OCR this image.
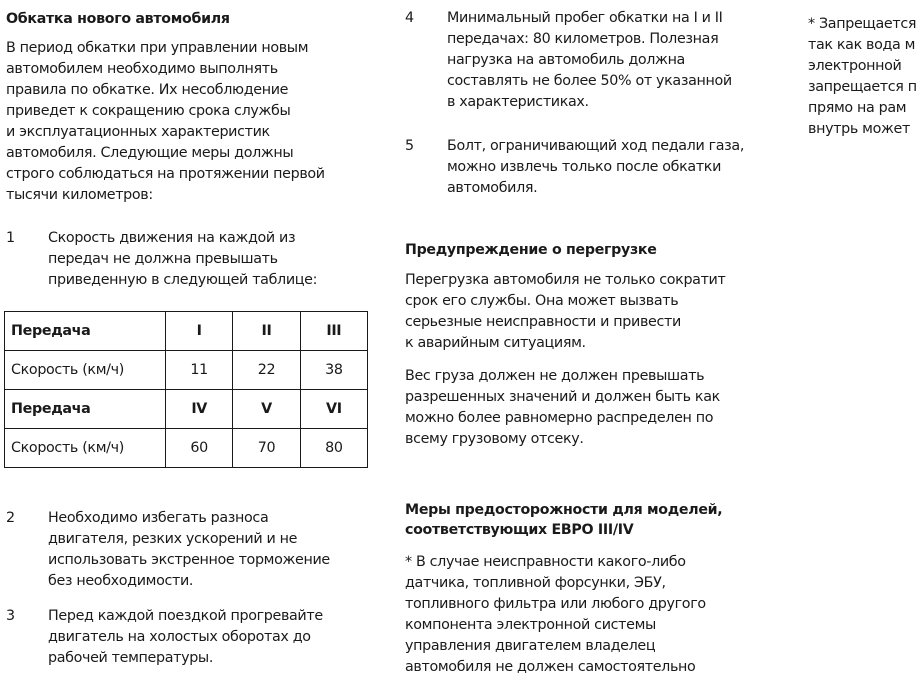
Обкатка нового автомобиля

В период обкатки при управлении новым

автомобилем необходимо выполнять

правила по обкатке. Их несоблюдение

приведет к сокращению срока службы

и эксплуатационных характеристик

автомобиля. Следующие меры должны

строго соблюдаться на протяжении первой

тысячи километров:

1	Скорость движения на каждой из

передач не должна превышать

приведенную в следующей таблице:

Передача	I	II	III
Скорость (км/ч)	11	22	38
Передача	IV	V	VI
Скорость (км/ч)	60	70	80
2	Необходимо избегать разноса

двигателя, резких ускорений и не

использовать экстренное торможение

без необходимости.

3	Перед каждой поездкой прогревайте

двигатель на холостых оборотах до

рабочей температуры.

4	Минимальный пробег обкатки на I и II

передачах: 80 километров. Полезная

нагрузка на автомобиль должна

составлять не более 50% от указанной

в характеристиках.

5	Болт, ограничивающий ход педали газа,

можно извлечь только после обкатки

автомобиля.

Предупреждение о перегрузке

Перегрузка автомобиля не только сократит

срок его службы. Она может вызвать

серьезные неисправности и привести

к аварийным ситуациям.

Вес груза должен не должен превышать

разрешенных значений и должен быть как

можно более равномерно распределен по

всему грузовому отсеку.

Меры предосторожности для моделей,
соответствующих ЕВРО III/IV

* В случае неисправности какого-либо

датчика, топливной форсунки, ЭБУ,

топливного фильтра или любого другого

компонента электронной системы

управления двигателем владелец

автомобиля не должен самостоятельно

* Запрещается

так как вода м

электронной

запрещается п

прямо на рам

внутрь может
